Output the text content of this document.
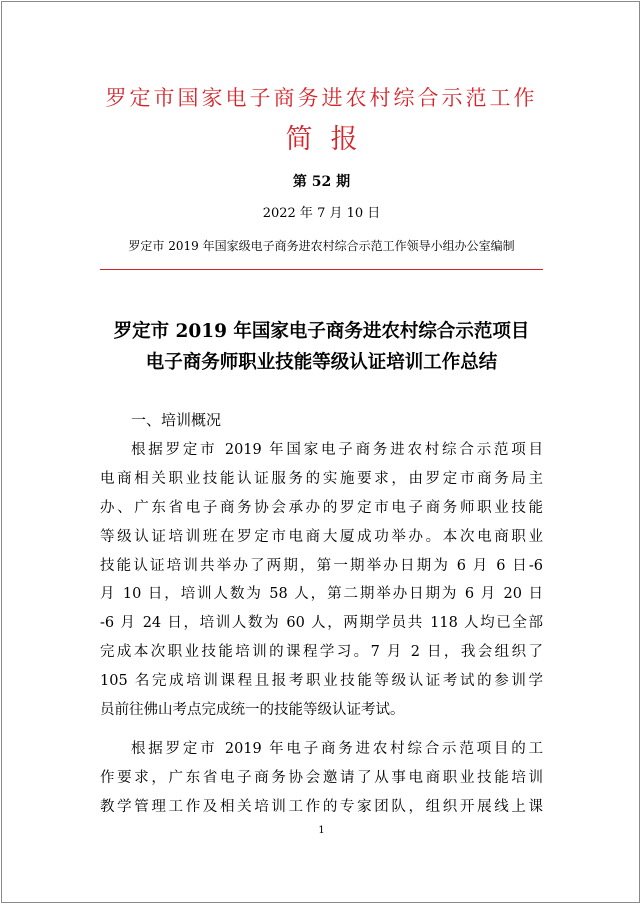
罗定市国家电子商务进农村综合示范工作
简报
第 52 期
2022 年 7 月 10 日
罗定市 2019 年国家级电子商务进农村综合示范工作领导小组办公室编制
罗定市 2019 年国家电子商务进农村综合示范项目
电子商务师职业技能等级认证培训工作总结
一、培训概况
根据罗定市 2019 年国家电子商务进农村综合示范项目
电商相关职业技能认证服务的实施要求，由罗定市商务局主
办、广东省电子商务协会承办的罗定市电子商务师职业技能
等级认证培训班在罗定市电商大厦成功举办。本次电商职业
技能认证培训共举办了两期，第一期举办日期为 6 月 6 日-6
月 10 日，培训人数为 58 人，第二期举办日期为 6 月 20 日
-6 月 24 日，培训人数为 60 人，两期学员共 118 人均已全部
完成本次职业技能培训的课程学习。7 月 2 日，我会组织了
105 名完成培训课程且报考职业技能等级认证考试的参训学
员前往佛山考点完成统一的技能等级认证考试。
根据罗定市 2019 年电子商务进农村综合示范项目的工
作要求，广东省电子商务协会邀请了从事电商职业技能培训
教学管理工作及相关培训工作的专家团队，组织开展线上课
1
